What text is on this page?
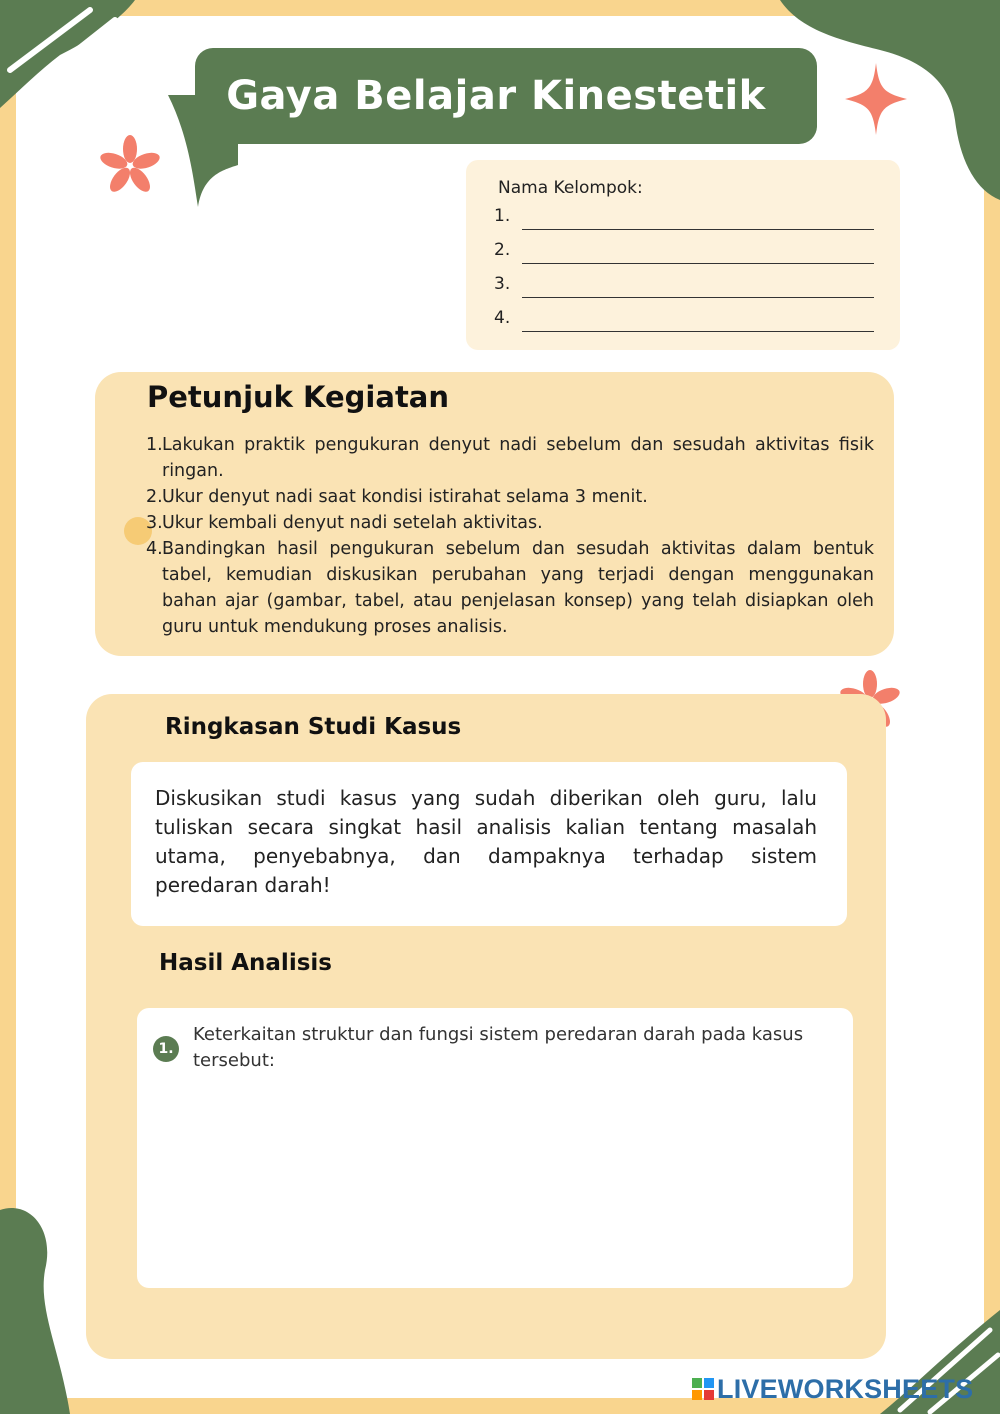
Gaya Belajar Kinestetik
Nama Kelompok:
1.
2.
3.
4.
Petunjuk Kegiatan
1. Lakukan praktik pengukuran denyut nadi sebelum dan sesudah aktivitas fisik ringan.
2. Ukur denyut nadi saat kondisi istirahat selama 3 menit.
3. Ukur kembali denyut nadi setelah aktivitas.
4. Bandingkan hasil pengukuran sebelum dan sesudah aktivitas dalam bentuk tabel, kemudian diskusikan perubahan yang terjadi dengan menggunakan bahan ajar (gambar, tabel, atau penjelasan konsep) yang telah disiapkan oleh guru untuk mendukung proses analisis.
Ringkasan Studi Kasus
Diskusikan studi kasus yang sudah diberikan oleh guru, lalu tuliskan secara singkat hasil analisis kalian tentang masalah utama, penyebabnya, dan dampaknya terhadap sistem peredaran darah!
Hasil Analisis
1.
Keterkaitan struktur dan fungsi sistem peredaran darah pada kasus tersebut:
LIVEWORKSHEETS
